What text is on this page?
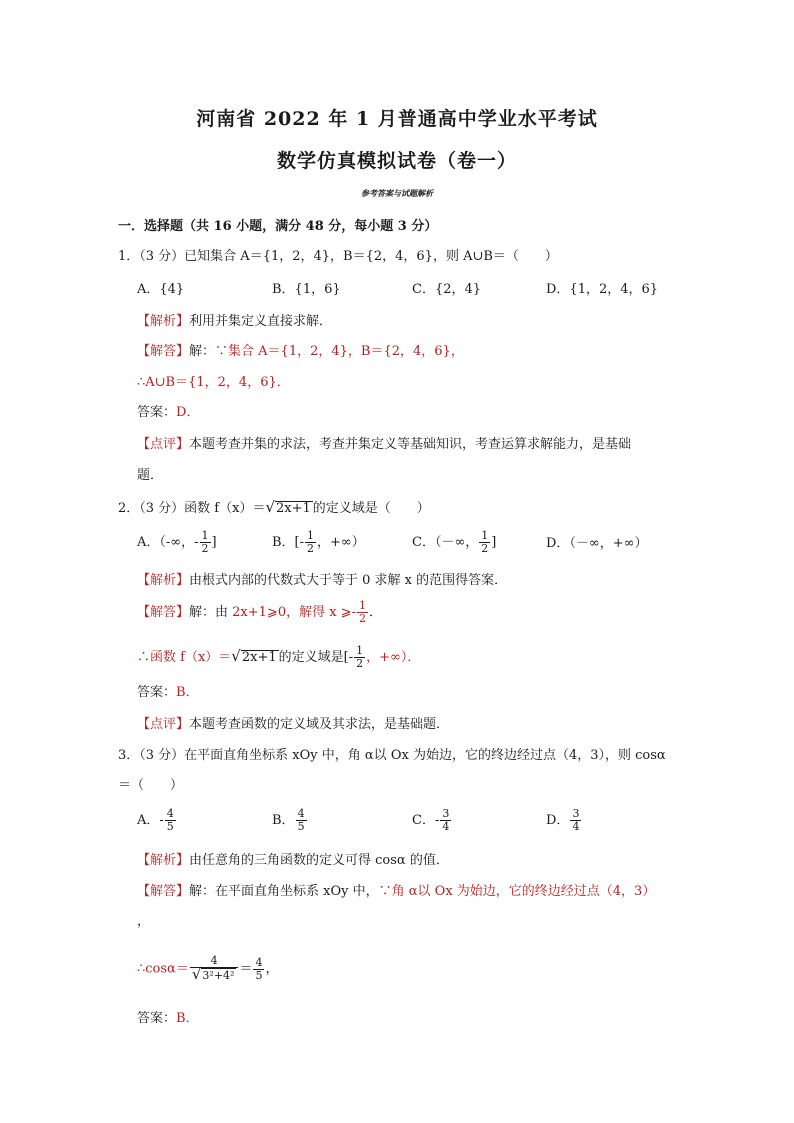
河南省 2022 年 1 月普通高中学业水平考试
数学仿真模拟试卷（卷一）
参考答案与试题解析
一．选择题（共 16 小题，满分 48 分，每小题 3 分）
1．（3 分）已知集合 A＝{1，2，4}，B＝{2，4，6}，则 A∪B＝（　　）
A．{4}	B．{1，6}	C．{2，4}	D．{1，2，4，6}
【解析】利用并集定义直接求解．
【解答】解：∵集合 A＝{1，2，4}，B＝{2，4，6}，
∴A∪B＝{1，2，4，6}．
答案：D．
【点评】本题考查并集的求法，考查并集定义等基础知识，考查运算求解能力，是基础
题．
2．（3 分）函数 f（x）＝√2x+1 的定义域是（　　）
A．（-∞，- $\frac{1}{2}$ ]	B．[- $\frac{1}{2}$ ，+∞）	C．（－∞， $\frac{1}{2}$ ]	D．（－∞，+∞）
【解析】由根式内部的代数式大于等于 0 求解 x 的范围得答案．
【解答】解：由 2x+1⩾0，解得 x ⩾- $\frac{1}{2}$ ．
∴函数 f（x）＝√2x+1 的定义域是[- $\frac{1}{2}$ ，+∞）．
答案：B．
【点评】本题考查函数的定义域及其求法，是基础题．
3．（3 分）在平面直角坐标系 xOy 中，角 α以 Ox 为始边，它的终边经过点（4，3），则 cosα
＝（　　）
A．- $\frac{4}{5}$	B． $\frac{4}{5}$	C．- $\frac{3}{4}$	D． $\frac{3}{4}$
【解析】由任意角的三角函数的定义可得 cosα 的值．
【解答】解：在平面直角坐标系 xOy 中，∵角 α以 Ox 为始边，它的终边经过点（4，3）
，
∴cosα＝ $\frac{4}{\text{√3²+4²}} = \frac{4}{5}$ ，
答案：B．
